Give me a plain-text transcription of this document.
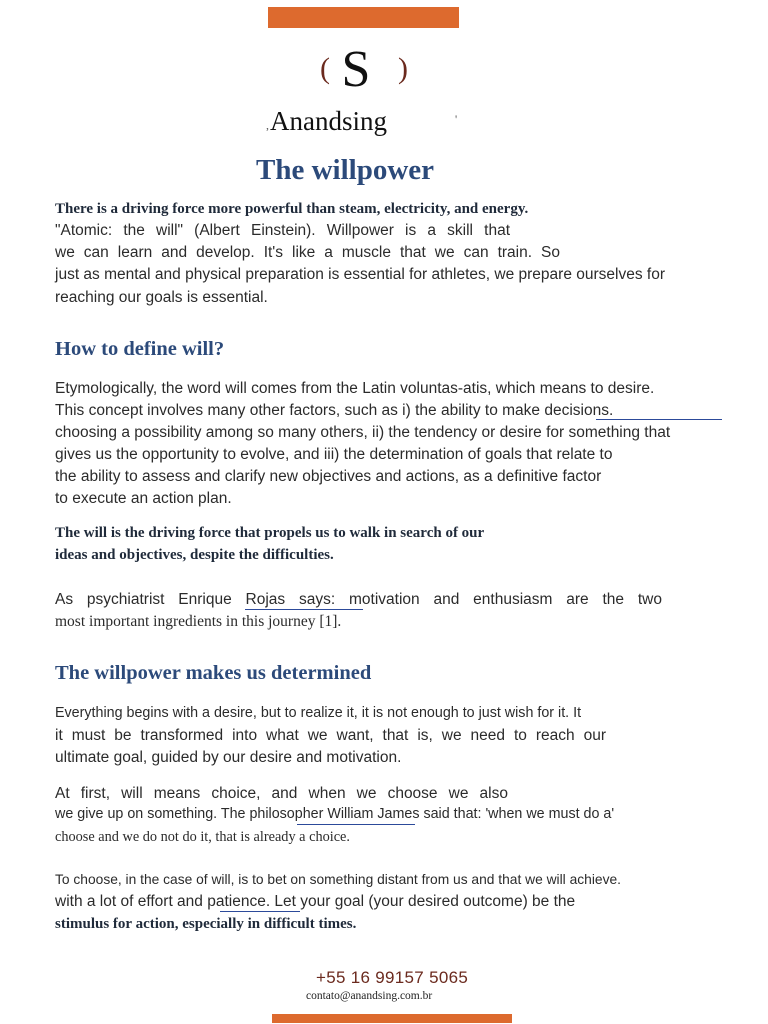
( S )
, Anandsing	'
The willpower

There is a driving force more powerful than steam, electricity, and energy.

"Atomic: the will" (Albert Einstein). Willpower is a skill that

we can learn and develop. It's like a muscle that we can train. So

just as mental and physical preparation is essential for athletes, we prepare ourselves for

reaching our goals is essential.

How to define will?

Etymologically, the word will comes from the Latin voluntas-atis, which means to desire.

This concept involves many other factors, such as i) the ability to make decisions.

choosing a possibility among so many others, ii) the tendency or desire for something that

gives us the opportunity to evolve, and iii) the determination of goals that relate to

the ability to assess and clarify new objectives and actions, as a definitive factor

to execute an action plan.

The will is the driving force that propels us to walk in search of our

ideas and objectives, despite the difficulties.

As psychiatrist Enrique Rojas says: motivation and enthusiasm are the two

most important ingredients in this journey [1].

The willpower makes us determined

Everything begins with a desire, but to realize it, it is not enough to just wish for it. It

it must be transformed into what we want, that is, we need to reach our

ultimate goal, guided by our desire and motivation.

At first, will means choice, and when we choose we also

we give up on something. The philosopher William James said that: 'when we must do a'

choose and we do not do it, that is already a choice.

To choose, in the case of will, is to bet on something distant from us and that we will achieve.

with a lot of effort and patience. Let your goal (your desired outcome) be the

stimulus for action, especially in difficult times.

+55 16 99157 5065
contato@anandsing.com.br
